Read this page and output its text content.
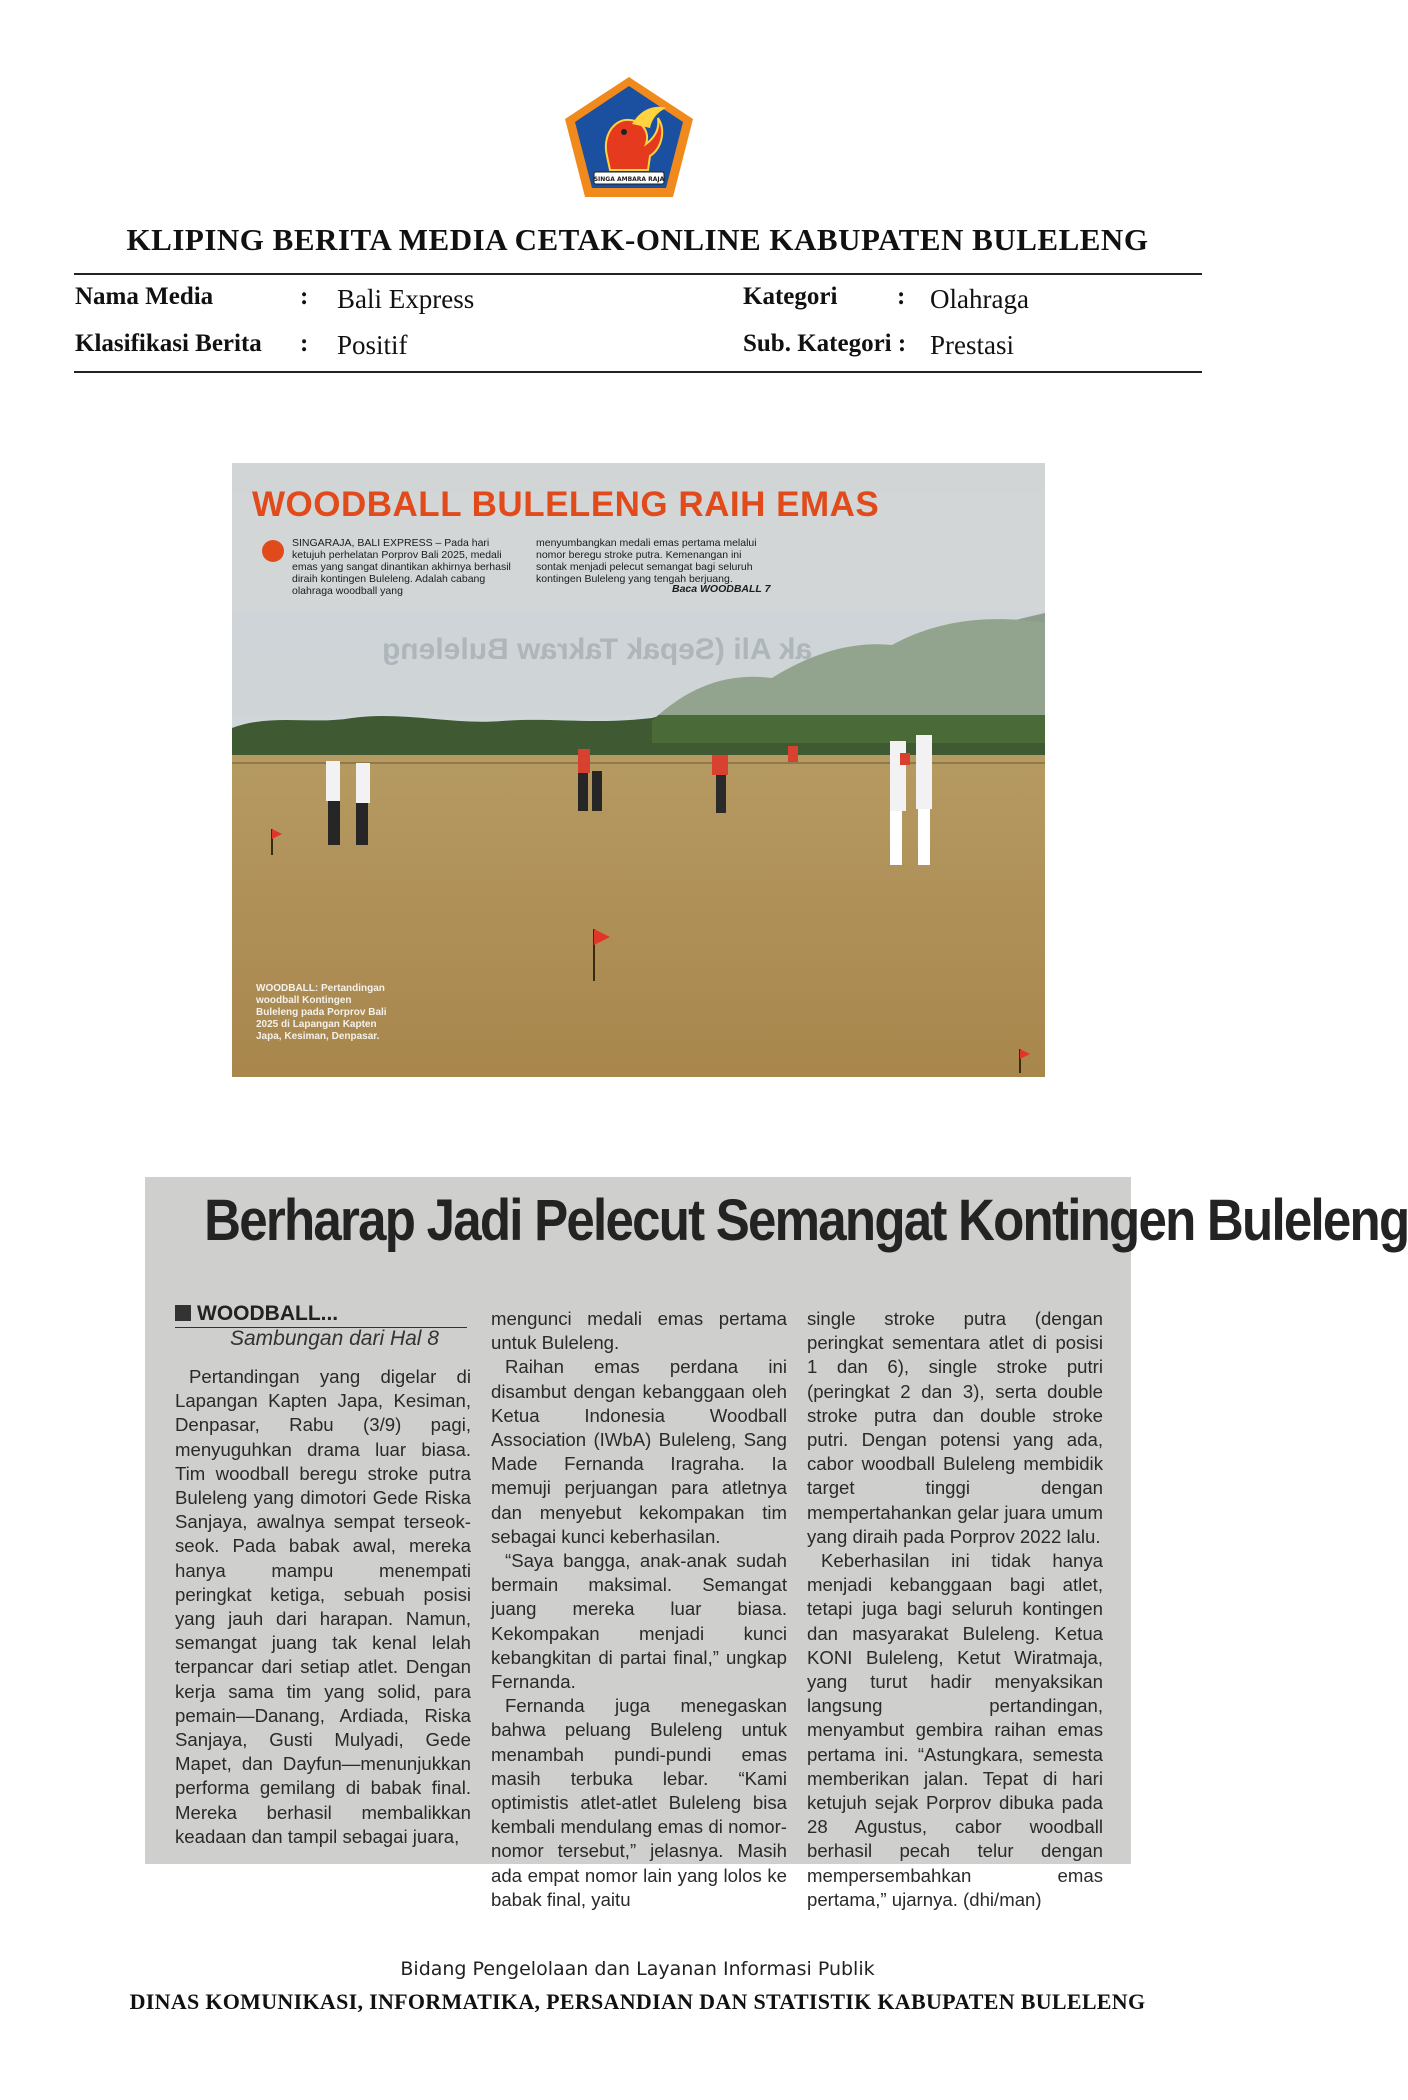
SINGA AMBARA RAJA
KLIPING BERITA MEDIA CETAK-ONLINE KABUPATEN BULELENG
Nama Media	: Bali Express
Klasifikasi Berita : Positif
Kategori : Olahraga
Sub. Kategori : Prestasi
WOODBALL BULELENG RAIH EMAS
SINGARAJA, BALI EXPRESS – Pada hari ketujuh perhelatan Porprov Bali 2025, medali emas yang sangat dinantikan akhirnya berhasil diraih kontingen Buleleng. Adalah cabang olahraga woodball yang
menyumbangkan medali emas pertama melalui nomor beregu stroke putra. Kemenangan ini sontak menjadi pelecut semangat bagi seluruh kontingen Buleleng yang tengah berjuang.
Baca WOODBALL 7
ak Ali (Sepak Takraw Buleleng
WOODBALL: Pertandingan woodball Kontingen Buleleng pada Porprov Bali 2025 di Lapangan Kapten Japa, Kesiman, Denpasar.
Berharap Jadi Pelecut Semangat Kontingen Buleleng
WOODBALL...
Sambungan dari Hal 8

Pertandingan yang digelar di Lapangan Kapten Japa, Kesiman, Denpasar, Rabu (3/9) pagi, menyuguhkan drama luar biasa. Tim woodball beregu stroke putra Buleleng yang dimotori Gede Riska Sanjaya, awalnya sempat terseok-seok. Pada babak awal, mereka hanya mampu menempati peringkat ketiga, sebuah posisi yang jauh dari harapan. Namun, semangat juang tak kenal lelah terpancar dari setiap atlet. Dengan kerja sama tim yang solid, para pemain—Danang, Ardiada, Riska Sanjaya, Gusti Mulyadi, Gede Mapet, dan Dayfun—menunjukkan performa gemilang di babak final. Mereka berhasil membalikkan keadaan dan tampil sebagai juara,

mengunci medali emas pertama untuk Buleleng.

Raihan emas perdana ini disambut dengan kebanggaan oleh Ketua Indonesia Woodball Association (IWbA) Buleleng, Sang Made Fernanda Iragraha. Ia memuji perjuangan para atletnya dan menyebut kekompakan tim sebagai kunci keberhasilan.

“Saya bangga, anak-anak sudah bermain maksimal. Semangat juang mereka luar biasa. Kekompakan menjadi kunci kebangkitan di partai final,” ungkap Fernanda.

Fernanda juga menegaskan bahwa peluang Buleleng untuk menambah pundi-pundi emas masih terbuka lebar. “Kami optimistis atlet-atlet Buleleng bisa kembali mendulang emas di nomor-nomor tersebut,” jelasnya. Masih ada empat nomor lain yang lolos ke babak final, yaitu

single stroke putra (dengan peringkat sementara atlet di posisi 1 dan 6), single stroke putri (peringkat 2 dan 3), serta double stroke putra dan double stroke putri. Dengan potensi yang ada, cabor woodball Buleleng membidik target tinggi dengan mempertahankan gelar juara umum yang diraih pada Porprov 2022 lalu.

Keberhasilan ini tidak hanya menjadi kebanggaan bagi atlet, tetapi juga bagi seluruh kontingen dan masyarakat Buleleng. Ketua KONI Buleleng, Ketut Wiratmaja, yang turut hadir menyaksikan langsung pertandingan, menyambut gembira raihan emas pertama ini. “Astungkara, semesta memberikan jalan. Tepat di hari ketujuh sejak Porprov dibuka pada 28 Agustus, cabor woodball berhasil pecah telur dengan mempersembahkan emas pertama,” ujarnya. (dhi/man)

Bidang Pengelolaan dan Layanan Informasi Publik
DINAS KOMUNIKASI, INFORMATIKA, PERSANDIAN DAN STATISTIK KABUPATEN BULELENG
